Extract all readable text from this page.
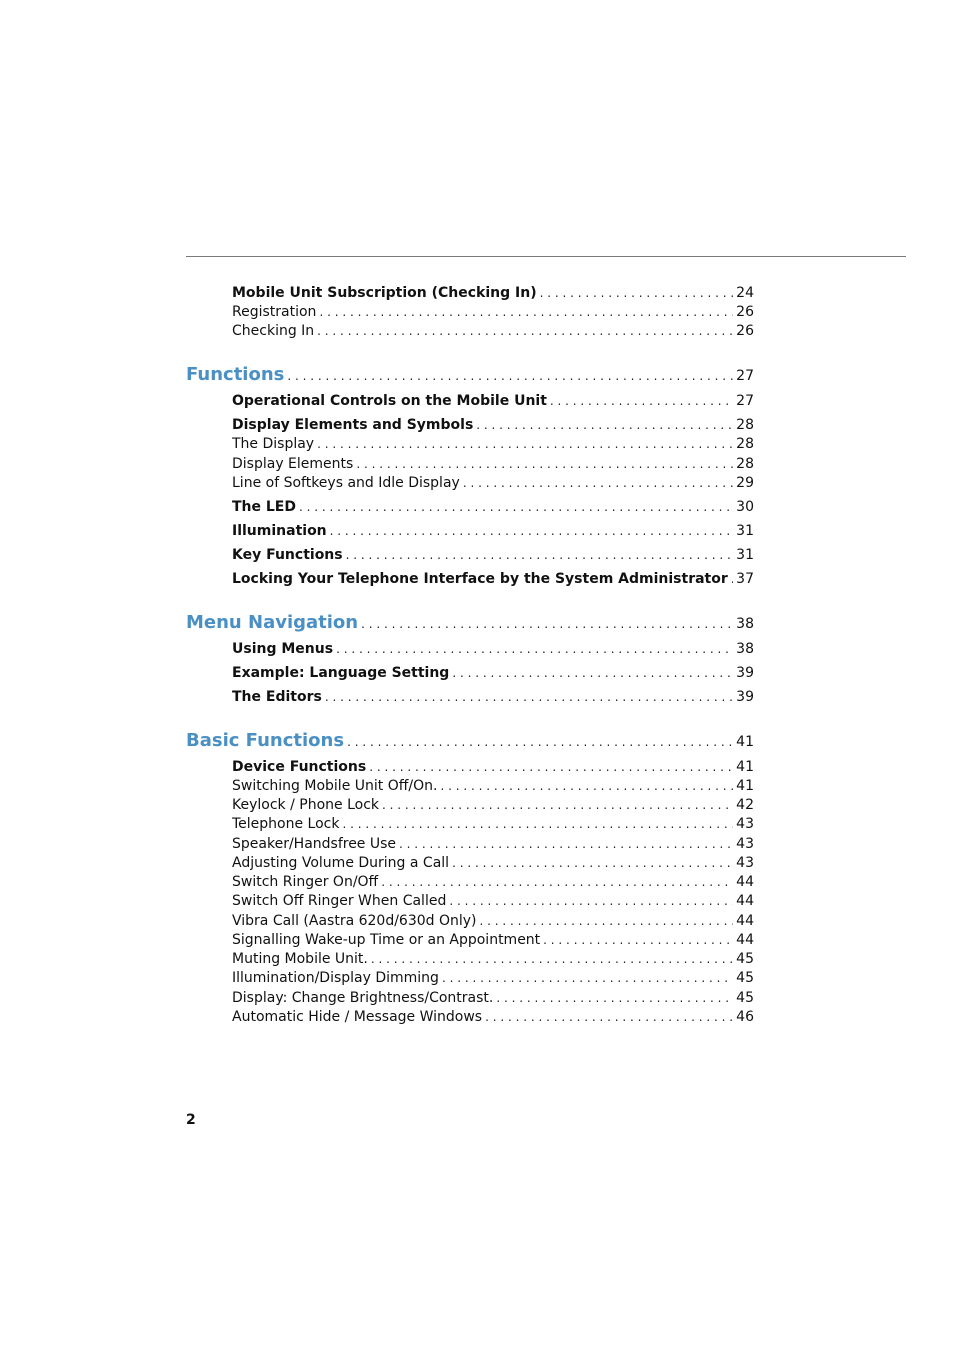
Mobile Unit Subscription (Checking In) . . .	24
Registration . . .	26
Checking In . . .	26
Functions . . .	27
Operational Controls on the Mobile Unit . . .	27
Display Elements and Symbols . . .	28
The Display . . .	28
Display Elements . . .	28
Line of Softkeys and Idle Display . . .	29
The LED . . .	30
Illumination . . .	31
Key Functions . . .	31
Locking Your Telephone Interface by the System Administrator . . . 37
Menu Navigation . . .	38
Using Menus . . .	38
Example: Language Setting . . .	39
The Editors . . .	39
Basic Functions . . .	41
Device Functions . . .	41
Switching Mobile Unit Off/On. . . .	41
Keylock / Phone Lock . . .	42
Telephone Lock . . .	43
Speaker/Handsfree Use . . .	43
Adjusting Volume During a Call . . .	43
Switch Ringer On/Off . . .	44
Switch Off Ringer When Called . . .	44
Vibra Call (Aastra 620d/630d Only) . . .	44
Signalling Wake-up Time or an Appointment . . .	44
Muting Mobile Unit. . . .	45
Illumination/Display Dimming . . .	45
Display: Change Brightness/Contrast. . . .	45
Automatic Hide / Message Windows . . .	46
2
